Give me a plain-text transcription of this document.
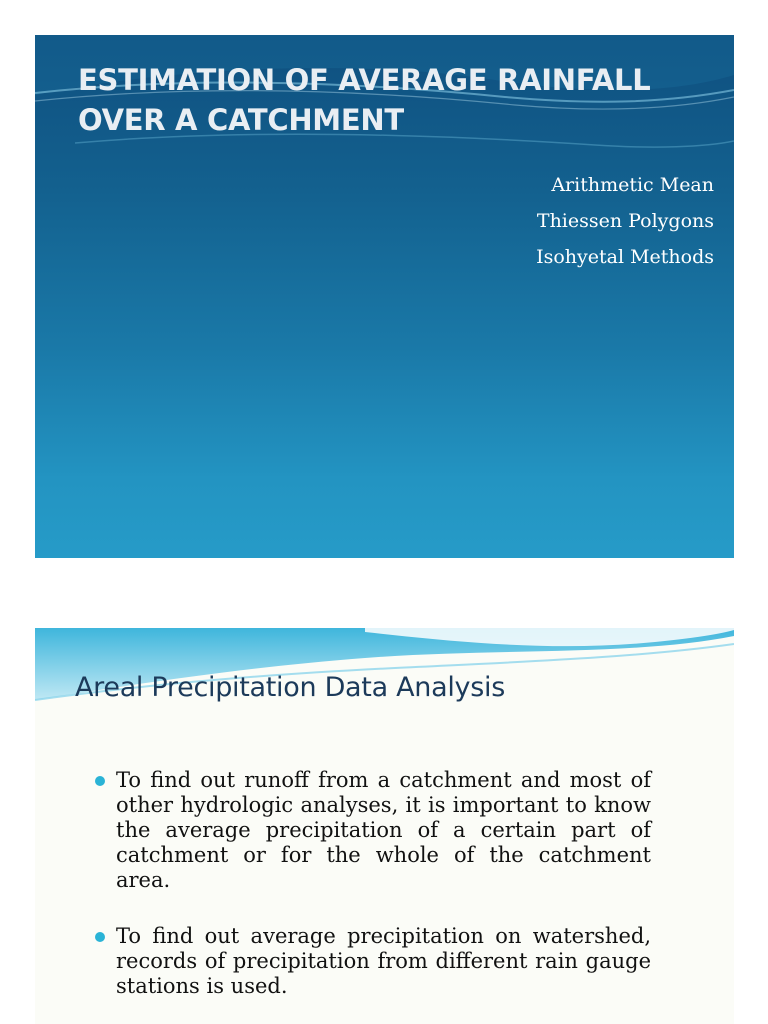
ESTIMATION OF AVERAGE RAINFALL OVER A CATCHMENT
Arithmetic Mean
Thiessen Polygons
Isohyetal Methods
Areal Precipitation Data Analysis
To find out runoff from a catchment and most of other hydrologic analyses, it is important to know the average precipitation of a certain part of catchment or for the whole of the catchment area.
To find out average precipitation on watershed, records of precipitation from different rain gauge stations is used.
